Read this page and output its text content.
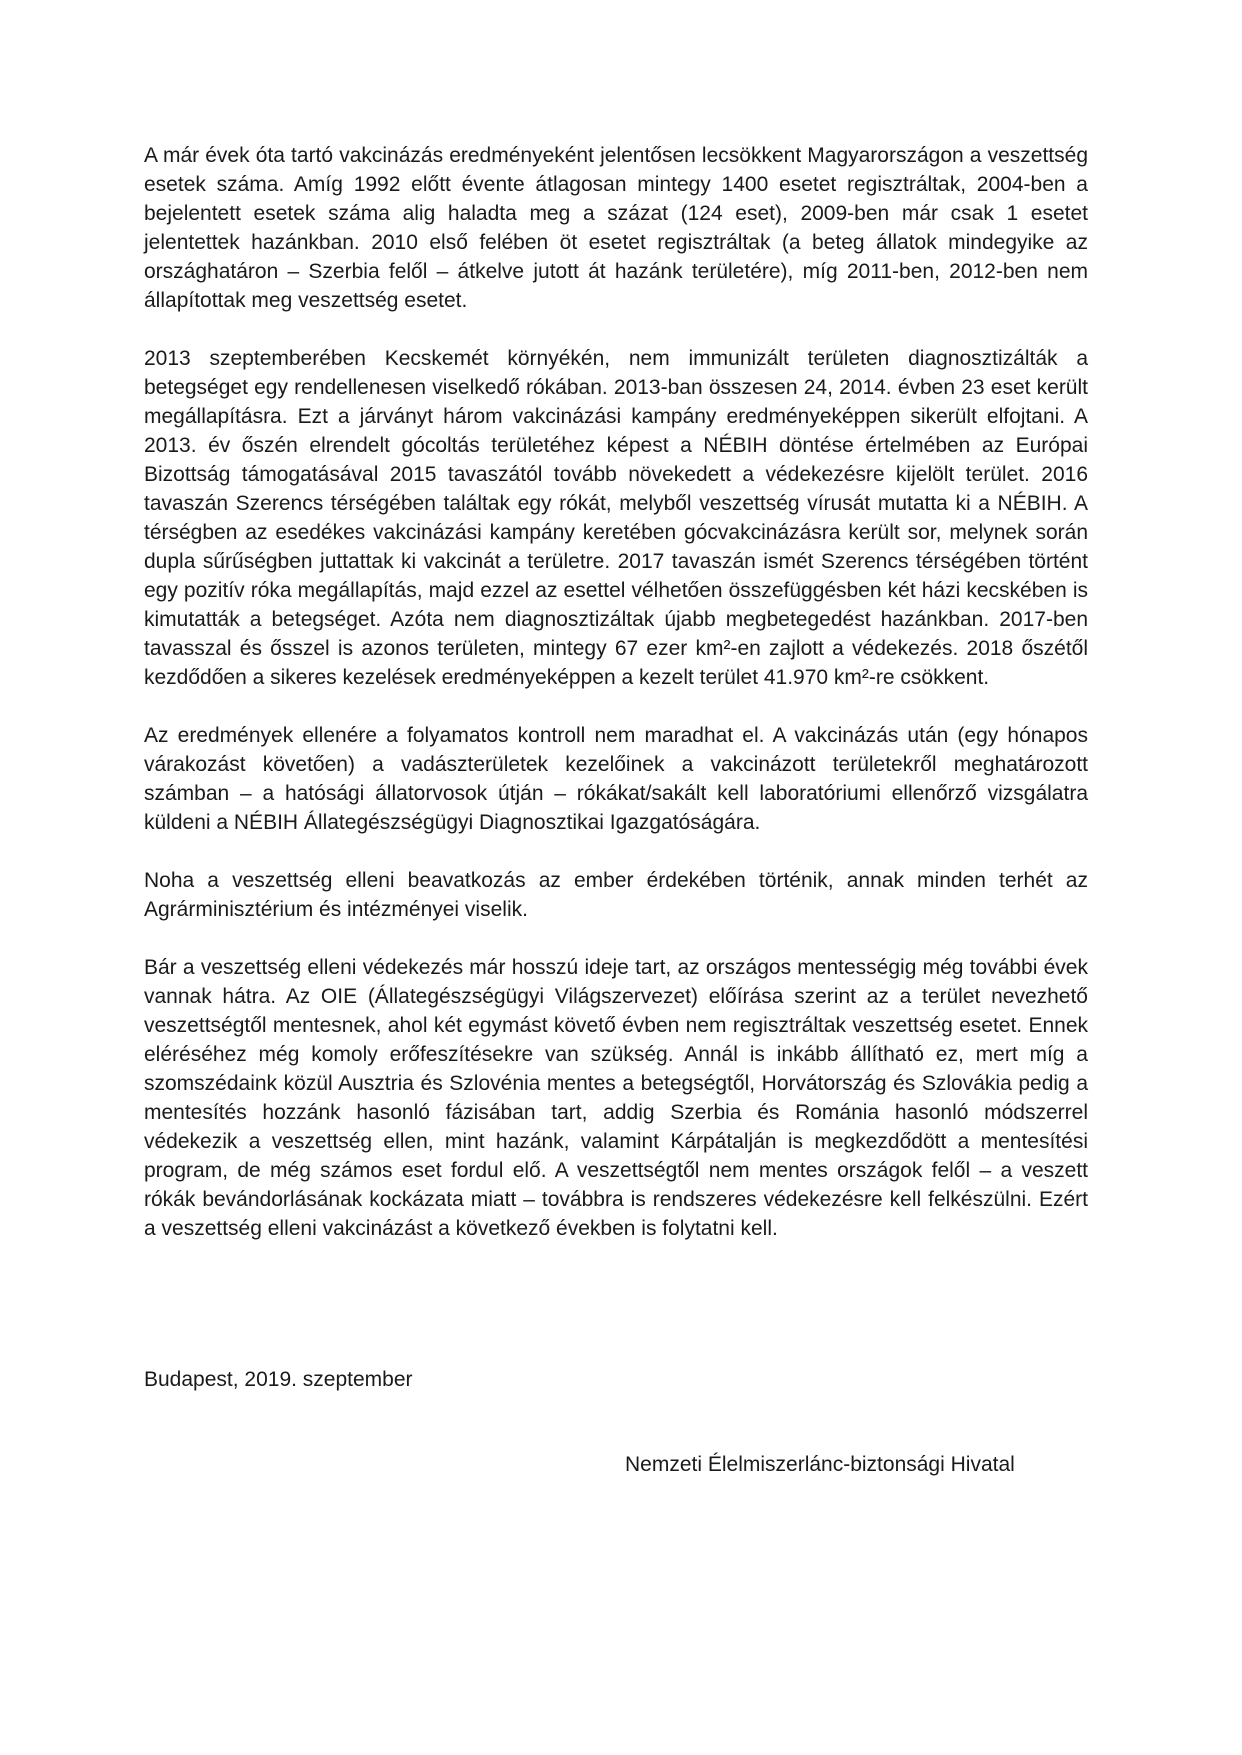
A már évek óta tartó vakcinázás eredményeként jelentősen lecsökkent Magyarországon a veszettség esetek száma. Amíg 1992 előtt évente átlagosan mintegy 1400 esetet regisztráltak, 2004-ben a bejelentett esetek száma alig haladta meg a százat (124 eset), 2009-ben már csak 1 esetet jelentettek hazánkban. 2010 első felében öt esetet regisztráltak (a beteg állatok mindegyike az országhatáron – Szerbia felől – átkelve jutott át hazánk területére), míg 2011-ben, 2012-ben nem állapítottak meg veszettség esetet.

2013 szeptemberében Kecskemét környékén, nem immunizált területen diagnosztizálták a betegséget egy rendellenesen viselkedő rókában. 2013-ban összesen 24, 2014. évben 23 eset került megállapításra. Ezt a járványt három vakcinázási kampány eredményeképpen sikerült elfojtani. A 2013. év őszén elrendelt gócoltás területéhez képest a NÉBIH döntése értelmében az Európai Bizottság támogatásával 2015 tavaszától tovább növekedett a védekezésre kijelölt terület. 2016 tavaszán Szerencs térségében találtak egy rókát, melyből veszettség vírusát mutatta ki a NÉBIH. A térségben az esedékes vakcinázási kampány keretében gócvakcinázásra került sor, melynek során dupla sűrűségben juttattak ki vakcinát a területre. 2017 tavaszán ismét Szerencs térségében történt egy pozitív róka megállapítás, majd ezzel az esettel vélhetően összefüggésben két házi kecskében is kimutatták a betegséget. Azóta nem diagnosztizáltak újabb megbetegedést hazánkban. 2017-ben tavasszal és ősszel is azonos területen, mintegy 67 ezer km²-en zajlott a védekezés. 2018 őszétől kezdődően a sikeres kezelések eredményeképpen a kezelt terület 41.970 km²-re csökkent.

Az eredmények ellenére a folyamatos kontroll nem maradhat el. A vakcinázás után (egy hónapos várakozást követően) a vadászterületek kezelőinek a vakcinázott területekről meghatározott számban – a hatósági állatorvosok útján – rókákat/sakált kell laboratóriumi ellenőrző vizsgálatra küldeni a NÉBIH Állategészségügyi Diagnosztikai Igazgatóságára.

Noha a veszettség elleni beavatkozás az ember érdekében történik, annak minden terhét az Agrárminisztérium és intézményei viselik.

Bár a veszettség elleni védekezés már hosszú ideje tart, az országos mentességig még további évek vannak hátra. Az OIE (Állategészségügyi Világszervezet) előírása szerint az a terület nevezhető veszettségtől mentesnek, ahol két egymást követő évben nem regisztráltak veszettség esetet. Ennek eléréséhez még komoly erőfeszítésekre van szükség. Annál is inkább állítható ez, mert míg a szomszédaink közül Ausztria és Szlovénia mentes a betegségtől, Horvátország és Szlovákia pedig a mentesítés hozzánk hasonló fázisában tart, addig Szerbia és Románia hasonló módszerrel védekezik a veszettség ellen, mint hazánk, valamint Kárpátalján is megkezdődött a mentesítési program, de még számos eset fordul elő. A veszettségtől nem mentes országok felől – a veszett rókák bevándorlásának kockázata miatt – továbbra is rendszeres védekezésre kell felkészülni. Ezért a veszettség elleni vakcinázást a következő években is folytatni kell.

Budapest, 2019. szeptember

Nemzeti Élelmiszerlánc-biztonsági Hivatal
